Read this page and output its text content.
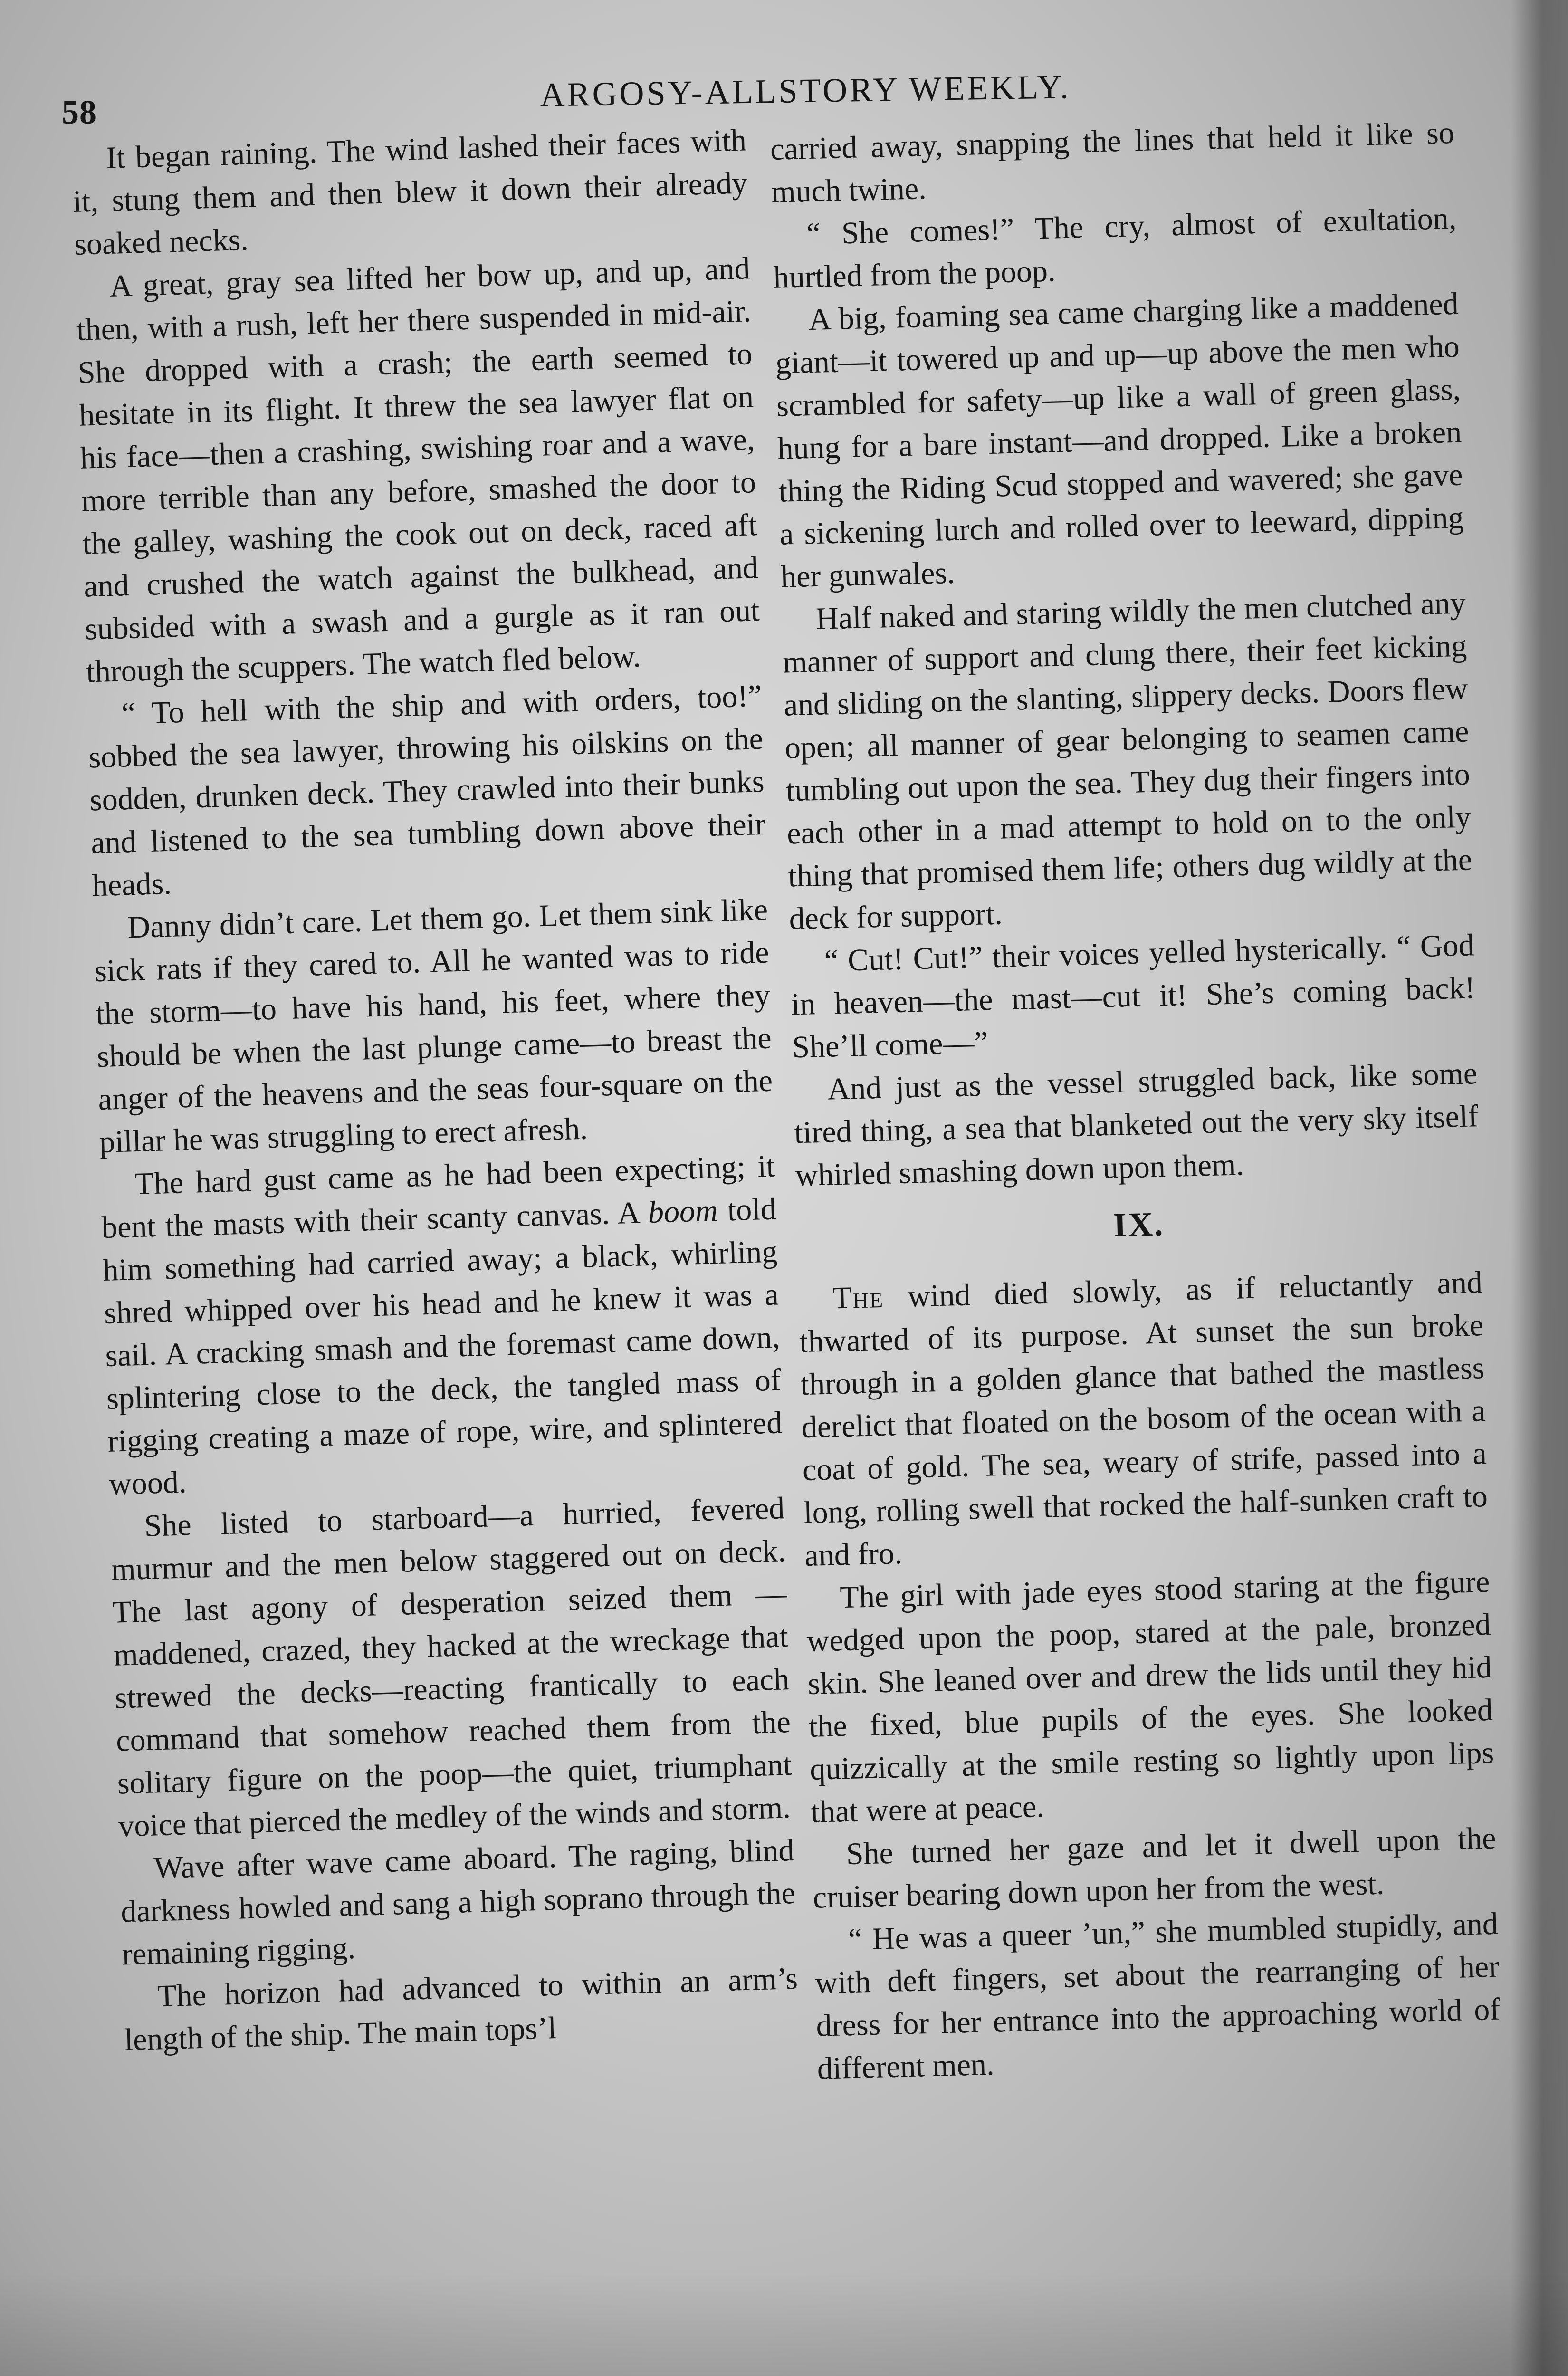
58	ARGOSY-ALLSTORY WEEKLY.

It began raining. The wind lashed their faces with it, stung them and then blew it down their already soaked necks.

A great, gray sea lifted her bow up, and up, and then, with a rush, left her there suspended in mid-air. She dropped with a crash; the earth seemed to hesitate in its flight. It threw the sea lawyer flat on his face—then a crashing, swishing roar and a wave, more terrible than any before, smashed the door to the galley, washing the cook out on deck, raced aft and crushed the watch against the bulkhead, and subsided with a swash and a gurgle as it ran out through the scuppers. The watch fled below.

“ To hell with the ship and with orders, too!” sobbed the sea lawyer, throwing his oilskins on the sodden, drunken deck. They crawled into their bunks and listened to the sea tumbling down above their heads.

Danny didn’t care. Let them go. Let them sink like sick rats if they cared to. All he wanted was to ride the storm—to have his hand, his feet, where they should be when the last plunge came—to breast the anger of the heavens and the seas four-square on the pillar he was struggling to erect afresh.

The hard gust came as he had been expecting; it bent the masts with their scanty canvas. A boom told him something had carried away; a black, whirling shred whipped over his head and he knew it was a sail. A cracking smash and the foremast came down, splintering close to the deck, the tangled mass of rigging creating a maze of rope, wire, and splintered wood.

She listed to starboard—a hurried, fevered murmur and the men below staggered out on deck. The last agony of desperation seized them — maddened, crazed, they hacked at the wreckage that strewed the decks—reacting frantically to each command that somehow reached them from the solitary figure on the poop—the quiet, triumphant voice that pierced the medley of the winds and storm.

Wave after wave came aboard. The raging, blind darkness howled and sang a high soprano through the remaining rigging.

The horizon had advanced to within an arm’s length of the ship. The main tops’l

carried away, snapping the lines that held it like so much twine.

“ She comes!” The cry, almost of exultation, hurtled from the poop.

A big, foaming sea came charging like a maddened giant—it towered up and up—up above the men who scrambled for safety—up like a wall of green glass, hung for a bare instant—and dropped. Like a broken thing the Riding Scud stopped and wavered; she gave a sickening lurch and rolled over to leeward, dipping her gunwales.

Half naked and staring wildly the men clutched any manner of support and clung there, their feet kicking and sliding on the slanting, slippery decks. Doors flew open; all manner of gear belonging to seamen came tumbling out upon the sea. They dug their fingers into each other in a mad attempt to hold on to the only thing that promised them life; others dug wildly at the deck for support.

“ Cut! Cut!” their voices yelled hysterically. “ God in heaven—the mast—cut it! She’s coming back! She’ll come—”

And just as the vessel struggled back, like some tired thing, a sea that blanketed out the very sky itself whirled smashing down upon them.

IX.

The wind died slowly, as if reluctantly and thwarted of its purpose. At sunset the sun broke through in a golden glance that bathed the mastless derelict that floated on the bosom of the ocean with a coat of gold. The sea, weary of strife, passed into a long, rolling swell that rocked the half-sunken craft to and fro.

The girl with jade eyes stood staring at the figure wedged upon the poop, stared at the pale, bronzed skin. She leaned over and drew the lids until they hid the fixed, blue pupils of the eyes. She looked quizzically at the smile resting so lightly upon lips that were at peace.

She turned her gaze and let it dwell upon the cruiser bearing down upon her from the west.

“ He was a queer ’un,” she mumbled stupidly, and with deft fingers, set about the rearranging of her dress for her entrance into the approaching world of different men.
